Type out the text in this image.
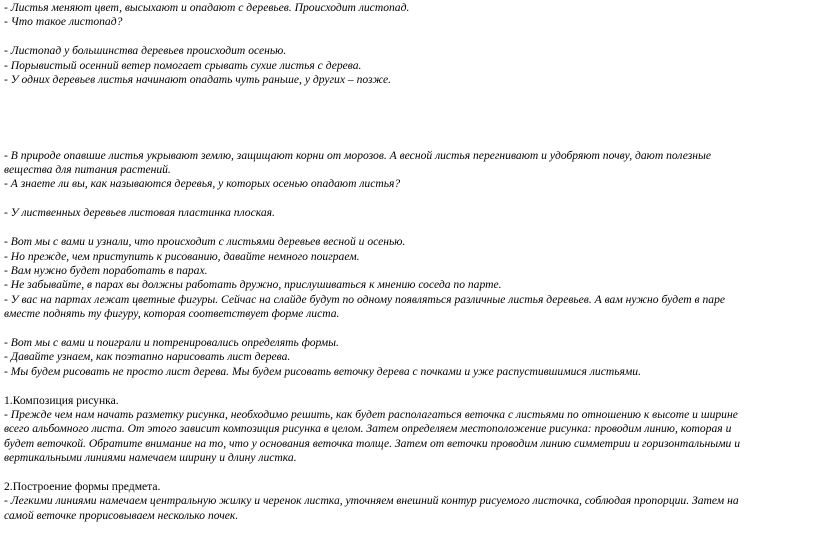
- Листья меняют цвет, высыхают и опадают с деревьев. Происходит листопад.
- Что такое листопад?
- Листопад у большинства деревьев происходит осенью.
- Порывистый осенний ветер помогает срывать сухие листья с дерева.
- У одних деревьев листья начинают опадать чуть раньше, у других – позже.
- В природе опавшие листья укрывают землю, защищают корни от морозов. А весной листья перегнивают и удобряют почву, дают полезные
вещества для питания растений.
- А знаете ли вы, как называются деревья, у которых осенью опадают листья?
- У лиственных деревьев листовая пластинка плоская.
- Вот мы с вами и узнали, что происходит с листьями деревьев весной и осенью.
- Но прежде, чем приступить к рисованию, давайте немного поиграем.
- Вам нужно будет поработать в парах.
- Не забывайте, в парах вы должны работать дружно, прислушиваться к мнению соседа по парте.
- У вас на партах лежат цветные фигуры. Сейчас на слайде будут по одному появляться различные листья деревьев. А вам нужно будет в паре
вместе поднять ту фигуру, которая соответствует форме листа.
- Вот мы с вами и поиграли и потренировались определять формы.
- Давайте узнаем, как поэтапно нарисовать лист дерева.
- Мы будем рисовать не просто лист дерева. Мы будем рисовать веточку дерева с почками и уже распустившимися листьями.
1.Композиция рисунка.
- Прежде чем нам начать разметку рисунка, необходимо решить, как будет располагаться веточка с листьями по отношению к высоте и ширине
всего альбомного листа. От этого зависит композиция рисунка в целом. Затем определяем местоположение рисунка: проводим линию, которая и
будет веточкой. Обратите внимание на то, что у основания веточка толще. Затем от веточки проводим линию симметрии и горизонтальными и
вертикальными линиями намечаем ширину и длину листка.
2.Построение формы предмета.
- Легкими линиями намечаем центральную жилку и черенок листка, уточняем внешний контур рисуемого листочка, соблюдая пропорции. Затем на
самой веточке прорисовываем несколько почек.
